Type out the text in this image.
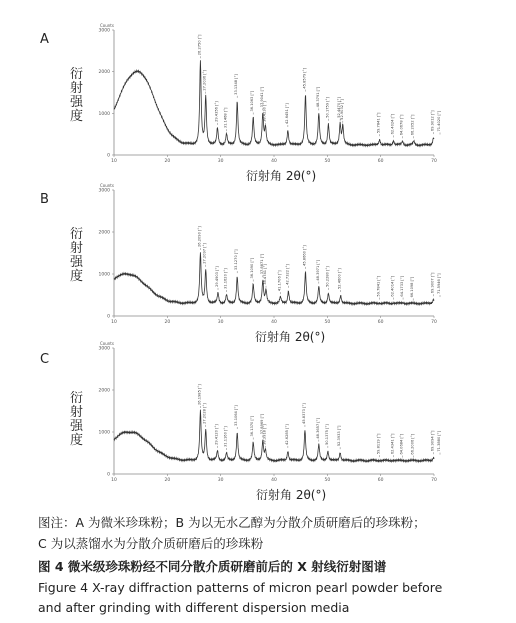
A
衍射强度
Counts
0
1000
2000
3000
10	20	30	40	50	60	70
26.2750 [°]
27.2036 [°]
29.4356 [°] 31.1468 [°]
33.1348 [°]
36.1063 [°] 37.9041 [°]
38.4230 [°]	42.6451 [°]
45.8579 [°]
48.3791 [°]
50.1759 [°] 52.4470 [°]
52.9032 [°]
59.7841 [°]	62.4024 [°] 64.0678 [°] 66.2052 [°]	69.9012 [°] 71.4020 [°]
衍射角 2θ(°)
B
衍射强度
Counts
0
1000
2000
3000
10	20	30	40	50	60	70
26.2090 [°]
27.2097 [°]
29.4903 [°] 31.1620 [°]
33.1270 [°]	36.1090 [°] 37.8871 [°]
38.4741 [°]	41.1706 [°] 42.7322 [°]
45.8660 [°]
48.3971 [°] 50.2280 [°] 52.4600 [°]	59.7841 [°]	62.4014 [°] 64.1733 [°] 66.1098 [°]	69.9007 [°] 71.5946 [°]
衍射角 2θ(°)
C
衍射强度
Counts
0
1000
2000
3000
10	20	30	40	50	60	70
26.1985 [°]
27.2028 [°]
29.4120 [°] 31.1160 [°]
33.1064 [°]
36.1370 [°] 37.8969 [°]
38.3918 [°]	42.6285 [°]
45.8373 [°]
48.3657 [°] 50.1375 [°] 52.3933 [°]	59.8119 [°]	62.4341 [°] 64.0684 [°] 66.2006 [°]	69.9094 [°] 71.3880 [°]
衍射角 2θ(°)
图注：A 为微米珍珠粉；B 为以无水乙醇为分散介质研磨后的珍珠粉；
C 为以蒸馏水为分散介质研磨后的珍珠粉
图 4 微米级珍珠粉经不同分散介质研磨前后的 X 射线衍射图谱
Figure 4 X-ray diffraction patterns of micron pearl powder before
and after grinding with different dispersion media
